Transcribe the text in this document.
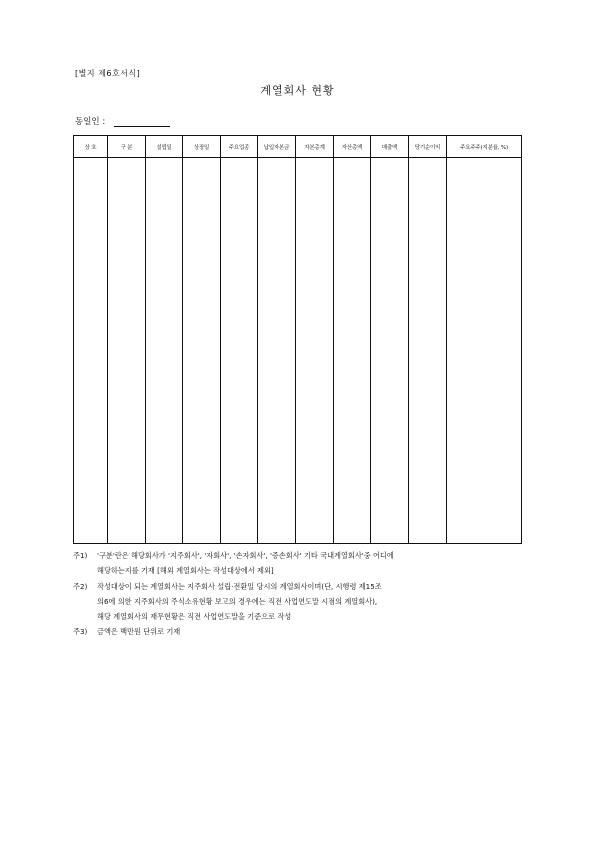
[별지 제6호서식]
계열회사 현황
동일인 :
상 호	구 분	설립일	상장일	주요업종	납입자본금	자본총계	자산총액	매출액	당기순이익	주요주주(지분율, %)

주1) '구분'란은 해당회사가 '지주회사', '자회사', '손자회사', '증손회사' 기타 국내계열회사'중 어디에
해당하는지를 기재 [해외 계열회사는 작성대상에서 제외]
주2) 작성대상이 되는 계열회사는 지주회사 설립·전환일 당시의 계열회사이며(단, 시행령 제15조
의6에 의한 지주회사의 주식소유현황 보고의 경우에는 직전 사업연도말 시점의 계열회사),
해당 계열회사의 재무현황은 직전 사업연도말을 기준으로 작성
주3) 금액은 백만원 단위로 기재
